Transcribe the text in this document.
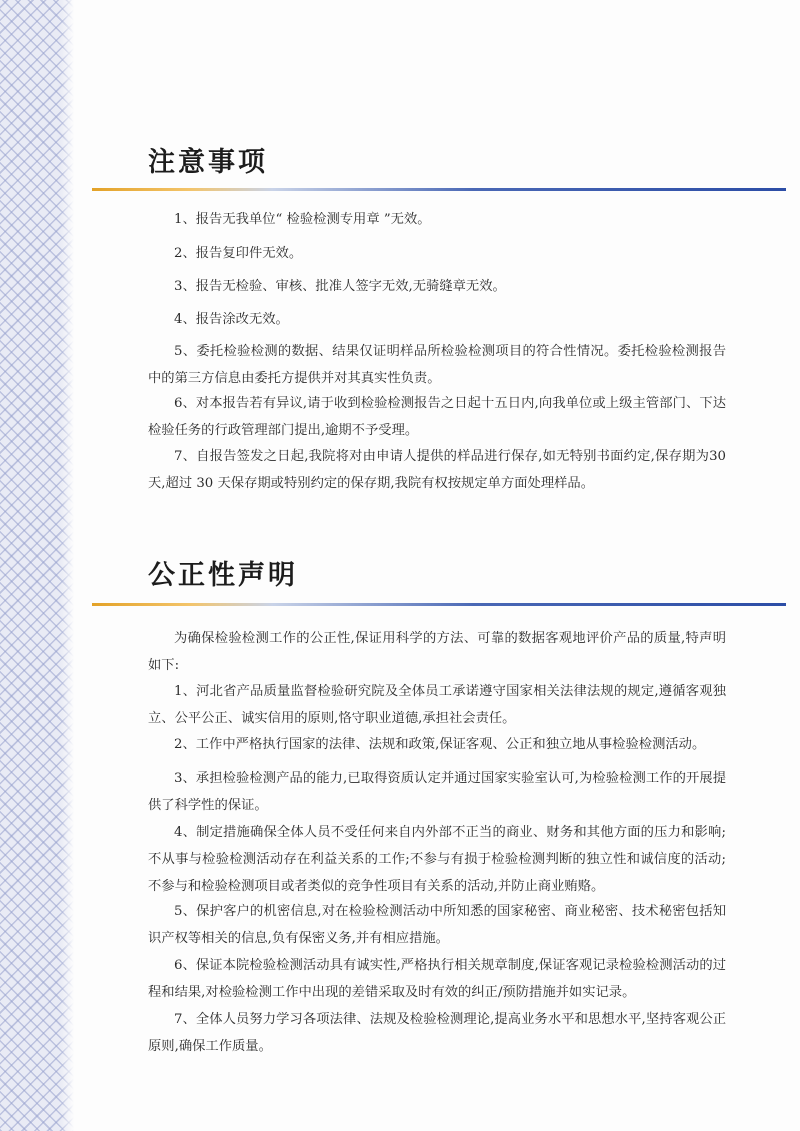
注意事项

1、报告无我单位“ 检验检测专用章 ”无效。

2、报告复印件无效。

3、报告无检验、审核、批准人签字无效,无骑缝章无效。

4、报告涂改无效。

5、委托检验检测的数据、结果仅证明样品所检验检测项目的符合性情况。委托检验检测报告中的第三方信息由委托方提供并对其真实性负责。

6、对本报告若有异议,请于收到检验检测报告之日起十五日内,向我单位或上级主管部门、下达检验任务的行政管理部门提出,逾期不予受理。

7、自报告签发之日起,我院将对由申请人提供的样品进行保存,如无特别书面约定,保存期为30天,超过 30 天保存期或特别约定的保存期,我院有权按规定单方面处理样品。

公正性声明

为确保检验检测工作的公正性,保证用科学的方法、可靠的数据客观地评价产品的质量,特声明如下:

1、河北省产品质量监督检验研究院及全体员工承诺遵守国家相关法律法规的规定,遵循客观独立、公平公正、诚实信用的原则,恪守职业道德,承担社会责任。

2、工作中严格执行国家的法律、法规和政策,保证客观、公正和独立地从事检验检测活动。

3、承担检验检测产品的能力,已取得资质认定并通过国家实验室认可,为检验检测工作的开展提供了科学性的保证。

4、制定措施确保全体人员不受任何来自内外部不正当的商业、财务和其他方面的压力和影响;不从事与检验检测活动存在利益关系的工作;不参与有损于检验检测判断的独立性和诚信度的活动;不参与和检验检测项目或者类似的竞争性项目有关系的活动,并防止商业贿赂。

5、保护客户的机密信息,对在检验检测活动中所知悉的国家秘密、商业秘密、技术秘密包括知识产权等相关的信息,负有保密义务,并有相应措施。

6、保证本院检验检测活动具有诚实性,严格执行相关规章制度,保证客观记录检验检测活动的过程和结果,对检验检测工作中出现的差错采取及时有效的纠正/预防措施并如实记录。

7、全体人员努力学习各项法律、法规及检验检测理论,提高业务水平和思想水平,坚持客观公正原则,确保工作质量。
